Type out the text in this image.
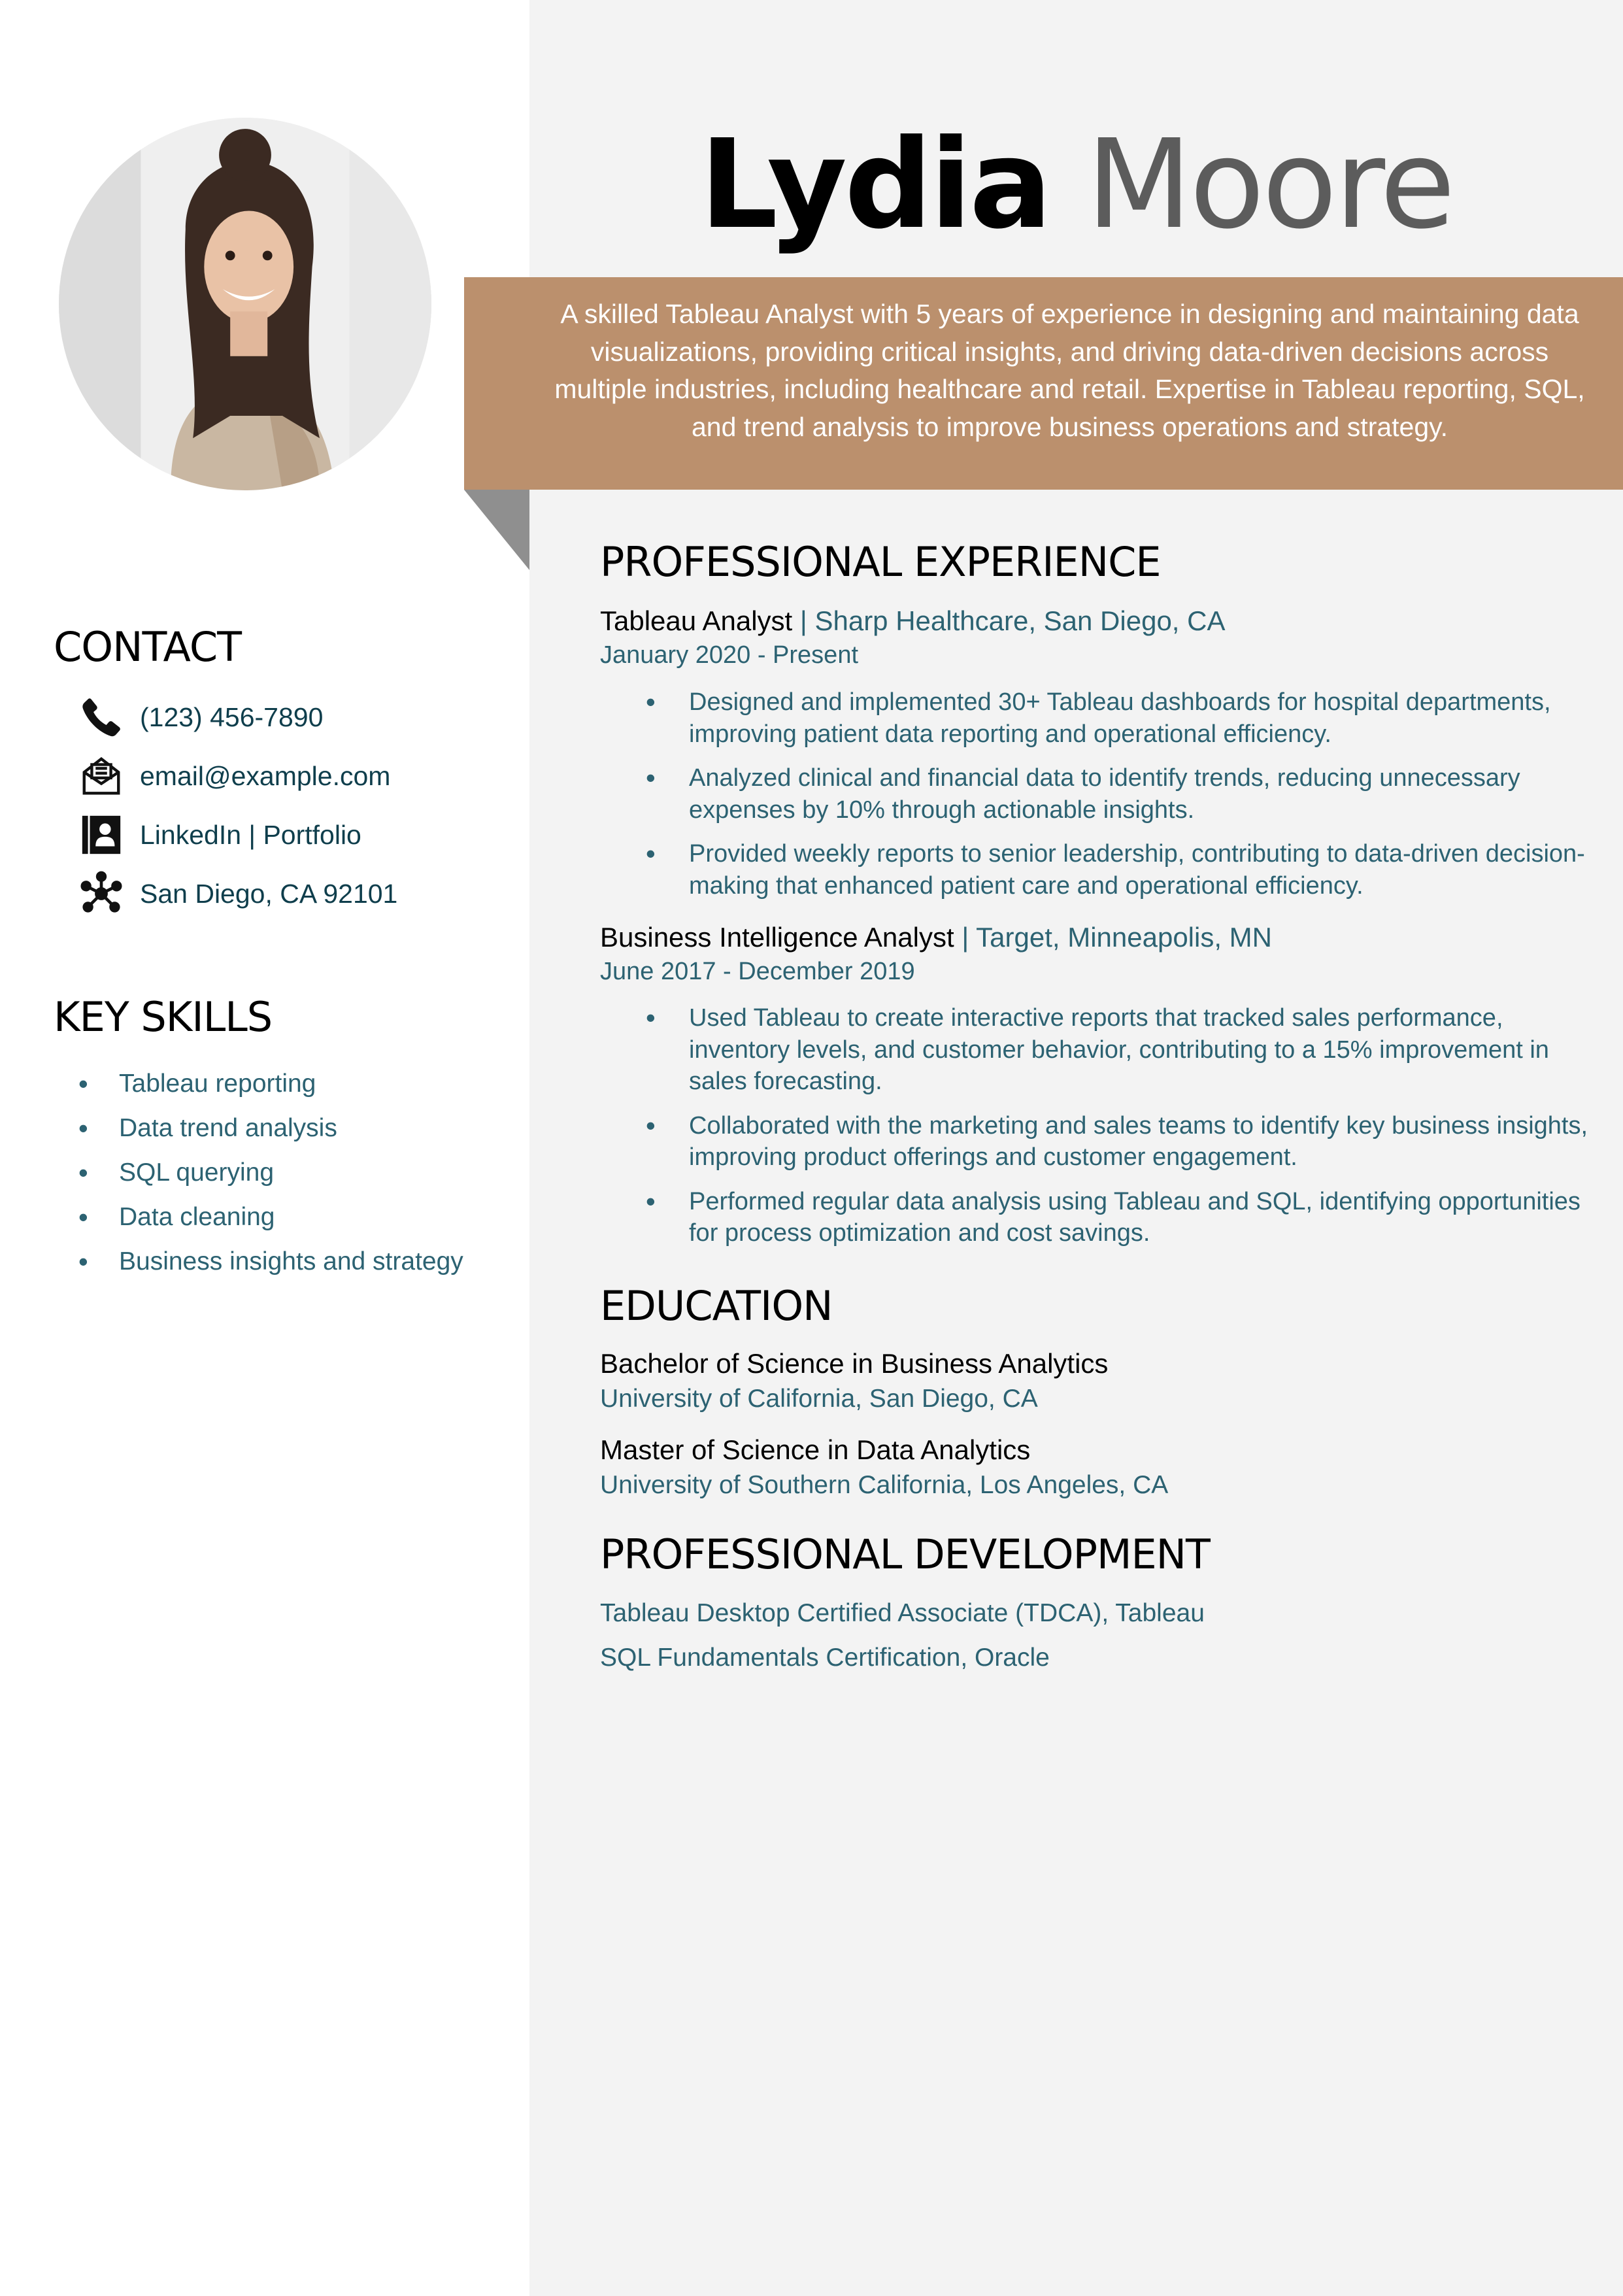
Lydia Moore
A skilled Tableau Analyst with 5 years of experience in designing and maintaining data visualizations, providing critical insights, and driving data-driven decisions across multiple industries, including healthcare and retail. Expertise in Tableau reporting, SQL, and trend analysis to improve business operations and strategy.
CONTACT
(123) 456-7890
email@example.com
LinkedIn | Portfolio
San Diego, CA 92101
KEY SKILLS
• Tableau reporting
• Data trend analysis
• SQL querying
• Data cleaning
• Business insights and strategy
PROFESSIONAL EXPERIENCE
Tableau Analyst | Sharp Healthcare, San Diego, CA
January 2020 - Present
• Designed and implemented 30+ Tableau dashboards for hospital departments, improving patient data reporting and operational efficiency.
• Analyzed clinical and financial data to identify trends, reducing unnecessary expenses by 10% through actionable insights.
• Provided weekly reports to senior leadership, contributing to data-driven decision-making that enhanced patient care and operational efficiency.
Business Intelligence Analyst | Target, Minneapolis, MN
June 2017 - December 2019
• Used Tableau to create interactive reports that tracked sales performance, inventory levels, and customer behavior, contributing to a 15% improvement in sales forecasting.
• Collaborated with the marketing and sales teams to identify key business insights, improving product offerings and customer engagement.
• Performed regular data analysis using Tableau and SQL, identifying opportunities for process optimization and cost savings.
EDUCATION
Bachelor of Science in Business Analytics
University of California, San Diego, CA
Master of Science in Data Analytics
University of Southern California, Los Angeles, CA
PROFESSIONAL DEVELOPMENT
Tableau Desktop Certified Associate (TDCA), Tableau
SQL Fundamentals Certification, Oracle
